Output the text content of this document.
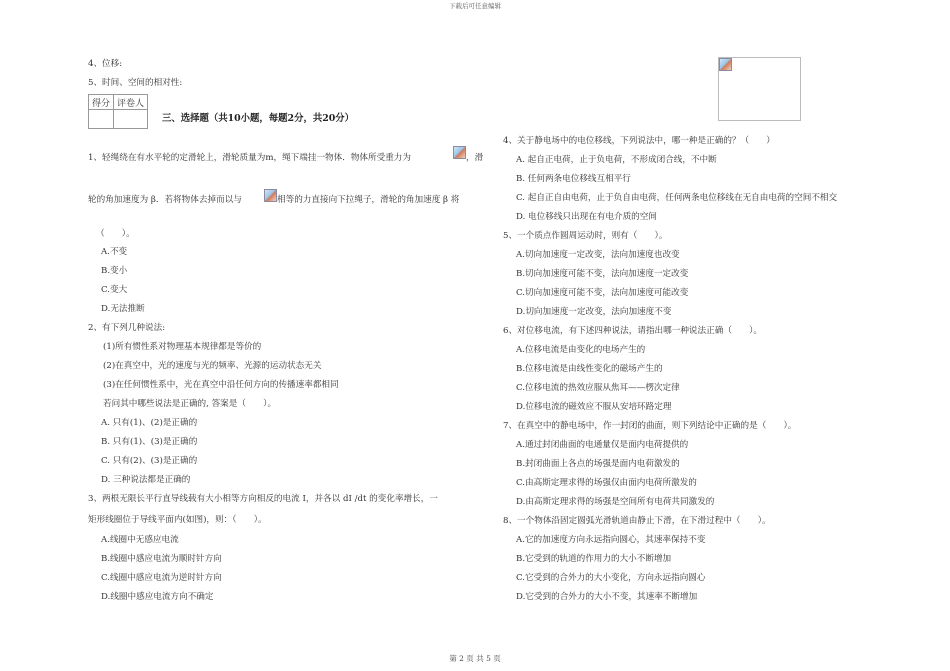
下载后可任意编辑
4、位移:
5、时间、空间的相对性:
得分	评卷人

三、选择题（共10小题，每题2分，共20分）
1、轻绳绕在有水平轮的定滑轮上，滑轮质量为m，绳下端挂一物体．物体所受重力为	，滑
轮的角加速度为 β．若将物体去掉而以与	相等的力直接向下拉绳子，滑轮的角加速度 β 将
（　　）。
A.不变
B.变小
C.变大
D.无法推断
2、有下列几种说法:
(1)所有惯性系对物理基本规律都是等价的
(2)在真空中，光的速度与光的频率、光源的运动状态无关
(3)在任何惯性系中，光在真空中沿任何方向的传播速率都相同
若问其中哪些说法是正确的, 答案是（　　）。
A. 只有(1)、(2)是正确的
B. 只有(1)、(3)是正确的
C. 只有(2)、(3)是正确的
D. 三种说法都是正确的
3、两根无限长平行直导线载有大小相等方向相反的电流 I，并各以 dI /dt 的变化率增长，一
矩形线圈位于导线平面内(如图)，则：（　　）。
A.线圈中无感应电流
B.线圈中感应电流为顺时针方向
C.线圈中感应电流为逆时针方向
D.线圈中感应电流方向不确定
4、关于静电场中的电位移线，下列说法中，哪一种是正确的？（　　）
A. 起自正电荷，止于负电荷，不形成闭合线，不中断
B. 任何两条电位移线互相平行
C. 起自正自由电荷，止于负自由电荷，任何两条电位移线在无自由电荷的空间不相交
D. 电位移线只出现在有电介质的空间
5、一个质点作圆周运动时，则有（　　）。
A.切向加速度一定改变，法向加速度也改变
B.切向加速度可能不变，法向加速度一定改变
C.切向加速度可能不变，法向加速度可能改变
D.切向加速度一定改变，法向加速度不变
6、对位移电流，有下述四种说法，请指出哪一种说法正确（　　）。
A.位移电流是由变化的电场产生的
B.位移电流是由线性变化的磁场产生的
C.位移电流的热效应服从焦耳——楞次定律
D.位移电流的磁效应不服从安培环路定理
7、在真空中的静电场中，作一封闭的曲面，则下列结论中正确的是（　　）。
A.通过封闭曲面的电通量仅是面内电荷提供的
B.封闭曲面上各点的场强是面内电荷激发的
C.由高斯定理求得的场强仅由面内电荷所激发的
D.由高斯定理求得的场强是空间所有电荷共同激发的
8、一个物体沿固定圆弧光滑轨道由静止下滑，在下滑过程中（　　）。
A.它的加速度方向永远指向圆心，其速率保持不变
B.它受到的轨道的作用力的大小不断增加
C.它受到的合外力的大小变化，方向永远指向圆心
D.它受到的合外力的大小不变，其速率不断增加
第 2 页 共 5 页
